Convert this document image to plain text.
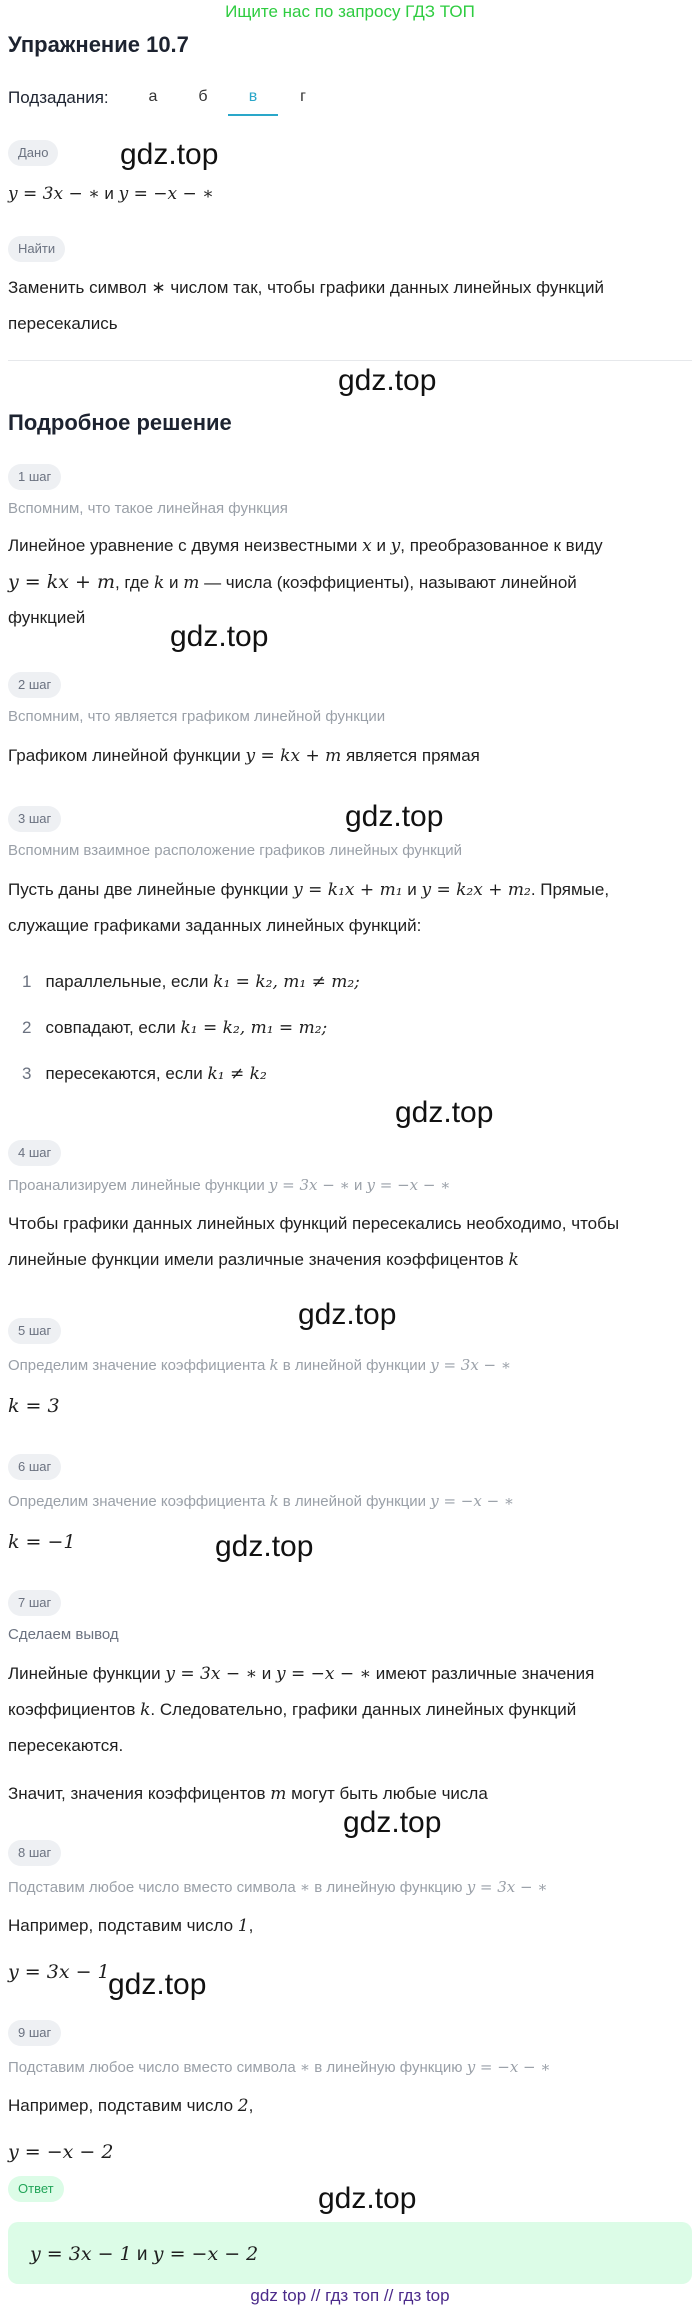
Ищите нас по запросу ГДЗ ТОП
Упражнение 10.7
Подзадания:	а	б	в	г
Дано	gdz.top
y = 3x − ∗ и y = −x − ∗
Найти
Заменить символ ∗ числом так, чтобы графики данных линейных функций
пересекались
gdz.top
Подробное решение
1 шаг
Вспомним, что такое линейная функция
Линейное уравнение с двумя неизвестными x и y, преобразованное к виду
y = kx + m, где k и m — числа (коэффициенты), называют линейной
функцией
gdz.top
2 шаг
Вспомним, что является графиком линейной функции
Графиком линейной функции y = kx + m является прямая
3 шаг	gdz.top
Вспомним взаимное расположение графиков линейных функций
Пусть даны две линейные функции y = k₁x + m₁ и y = k₂x + m₂. Прямые,
служащие графиками заданных линейных функций:
1 параллельные, если k₁ = k₂, m₁ ≠ m₂;
2 совпадают, если k₁ = k₂, m₁ = m₂;
3 пересекаются, если k₁ ≠ k₂
gdz.top
4 шаг
Проанализируем линейные функции y = 3x − ∗ и y = −x − ∗
Чтобы графики данных линейных функций пересекались необходимо, чтобы
линейные функции имели различные значения коэффицентов k
gdz.top
5 шаг
Определим значение коэффициента k в линейной функции y = 3x − ∗
k = 3
6 шаг
Определим значение коэффициента k в линейной функции y = −x − ∗
k = −1	gdz.top
7 шаг
Сделаем вывод
Линейные функции y = 3x − ∗ и y = −x − ∗ имеют различные значения
коэффициентов k. Следовательно, графики данных линейных функций
пересекаются.
Значит, значения коэффицентов m могут быть любые числа
gdz.top
8 шаг
Подставим любое число вместо символа ∗ в линейную функцию y = 3x − ∗
Например, подставим число 1,
y = 3x − 1
gdz.top
9 шаг
Подставим любое число вместо символа ∗ в линейную функцию y = −x − ∗
Например, подставим число 2,
y = −x − 2
Ответ	gdz.top
y = 3x − 1 и y = −x − 2
gdz top // гдз топ // гдз top
